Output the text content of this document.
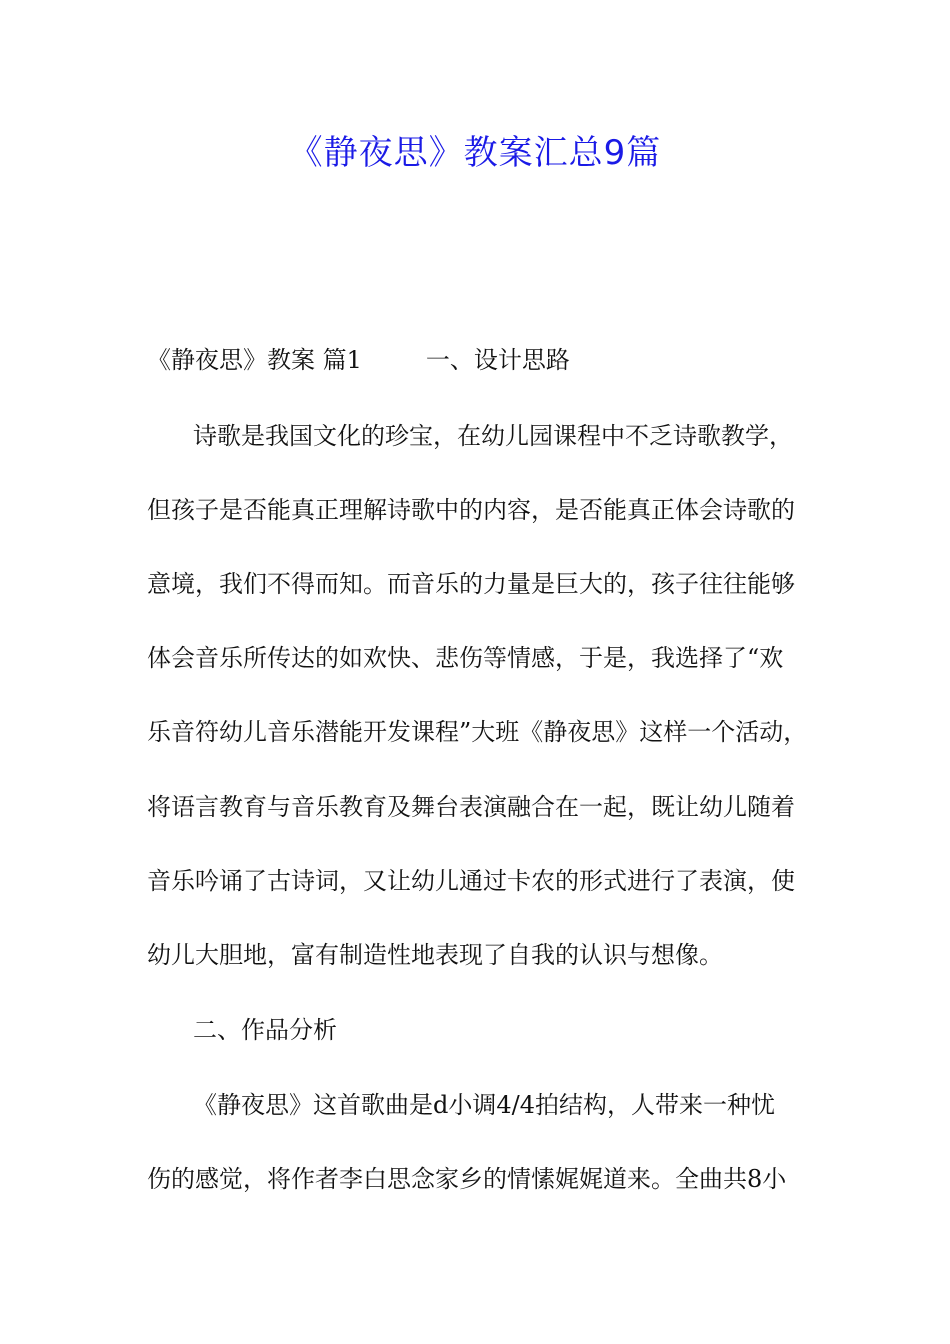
《静夜思》教案汇总9篇

《静夜思》教案 篇1	一、设计思路

诗歌是我国文化的珍宝，在幼儿园课程中不乏诗歌教学，

但孩子是否能真正理解诗歌中的内容，是否能真正体会诗歌的

意境，我们不得而知。而音乐的力量是巨大的，孩子往往能够

体会音乐所传达的如欢快、悲伤等情感，于是，我选择了“欢

乐音符幼儿音乐潜能开发课程”大班《静夜思》这样一个活动，

将语言教育与音乐教育及舞台表演融合在一起，既让幼儿随着

音乐吟诵了古诗词，又让幼儿通过卡农的形式进行了表演，使

幼儿大胆地，富有制造性地表现了自我的认识与想像。

二、作品分析

《静夜思》这首歌曲是d小调4/4拍结构，人带来一种忧

伤的感觉，将作者李白思念家乡的情愫娓娓道来。全曲共8小
